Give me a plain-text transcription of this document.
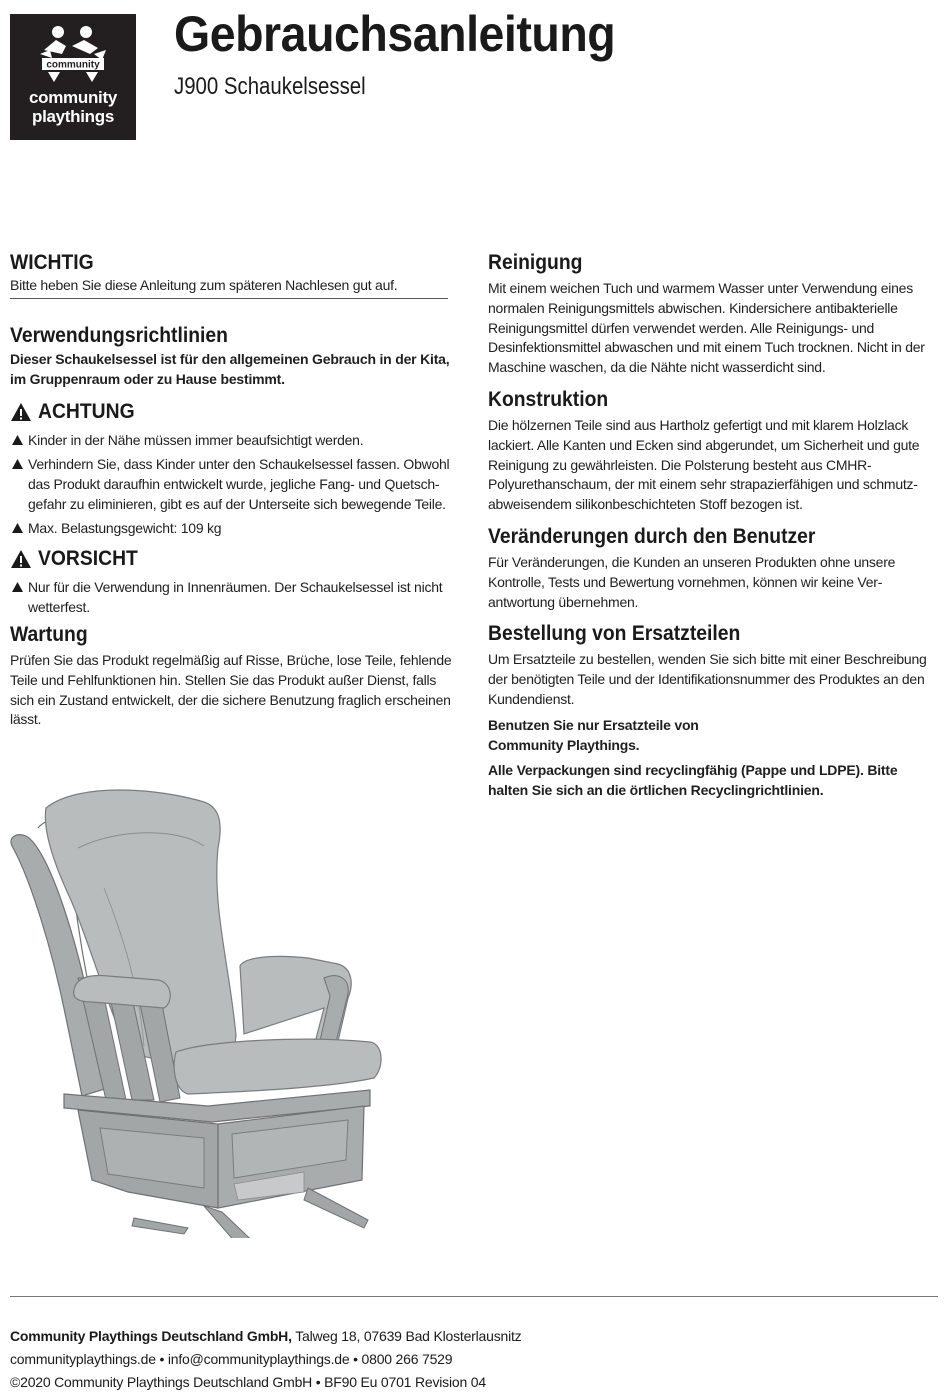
community
community
playthings
Gebrauchsanleitung
J900 Schaukelsessel
WICHTIG

Bitte heben Sie diese Anleitung zum späteren Nachlesen gut auf.

Verwendungsrichtlinien

Dieser Schaukelsessel ist für den allgemeinen Gebrauch in der Kita, im Gruppenraum oder zu Hause bestimmt.

ACHTUNG
Kinder in der Nähe müssen immer beaufsichtigt werden.
Verhindern Sie, dass Kinder unter den Schaukelsessel fassen. Obwohl das Produkt daraufhin entwickelt wurde, jegliche Fang- und Quetsch-gefahr zu eliminieren, gibt es auf der Unterseite sich bewegende Teile.
Max. Belastungsgewicht: 109 kg
VORSICHT
Nur für die Verwendung in Innenräumen. Der Schaukelsessel ist nicht wetterfest.
Wartung

Prüfen Sie das Produkt regelmäßig auf Risse, Brüche, lose Teile, fehlende Teile und Fehlfunktionen hin. Stellen Sie das Produkt außer Dienst, falls sich ein Zustand entwickelt, der die sichere Benutzung fraglich erscheinen lässt.

Reinigung

Mit einem weichen Tuch und warmem Wasser unter Verwendung eines normalen Reinigungsmittels abwischen. Kindersichere antibakterielle Reinigungsmittel dürfen verwendet werden. Alle Reinigungs- und Desinfektionsmittel abwaschen und mit einem Tuch trocknen. Nicht in der Maschine waschen, da die Nähte nicht wasserdicht sind.

Konstruktion

Die hölzernen Teile sind aus Hartholz gefertigt und mit klarem Holzlack lackiert. Alle Kanten und Ecken sind abgerundet, um Sicherheit und gute Reinigung zu gewährleisten. Die Polsterung besteht aus CMHR-Polyurethanschaum, der mit einem sehr strapazierfähigen und schmutz-abweisendem silikonbeschichteten Stoff bezogen ist.

Veränderungen durch den Benutzer

Für Veränderungen, die Kunden an unseren Produkten ohne unsere Kontrolle, Tests und Bewertung vornehmen, können wir keine Ver-antwortung übernehmen.

Bestellung von Ersatzteilen

Um Ersatzteile zu bestellen, wenden Sie sich bitte mit einer Beschreibung der benötigten Teile und der Identifikationsnummer des Produktes an den Kundendienst.

Benutzen Sie nur Ersatzteile von Community Playthings.

Alle Verpackungen sind recyclingfähig (Pappe und LDPE). Bitte halten Sie sich an die örtlichen Recyclingrichtlinien.

Community Playthings Deutschland GmbH, Talweg 18, 07639 Bad Klosterlausnitz
communityplaythings.de • info@communityplaythings.de • 0800 266 7529
©2020 Community Playthings Deutschland GmbH • BF90 Eu 0701 Revision 04
